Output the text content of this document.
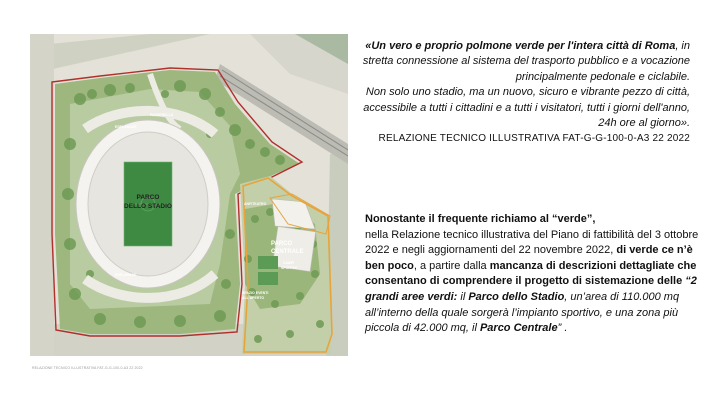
PARCO
DELLO STADIO
PARCO
CENTRALE
PASSERELLA
ESPLANADE
ESPLANADE
ANFITEATRO
CAMPI
SPORTIVI
SPAZIO EVENTI
ALL'APERTO
RELAZIONE TECNICO ILLUSTRATIVA FAT-G-G-100-0-A3 22 2022
«Un vero e proprio polmone verde per l'intera città di Roma, in stretta connessione al sistema del trasporto pubblico e a vocazione principalmente pedonale e ciclabile.
Non solo uno stadio, ma un nuovo, sicuro e vibrante pezzo di città, accessibile a tutti i cittadini e a tutti i visitatori, tutti i giorni dell'anno, 24h ore al giorno».
RELAZIONE TECNICO ILLUSTRATIVA FAT-G-G-100-0-A3 22 2022
Nonostante il frequente richiamo al “verde”,
nella Relazione tecnico illustrativa del Piano di fattibilità del 3 ottobre 2022 e negli aggiornamenti del 22 novembre 2022, di verde ce n’è ben poco, a partire dalla mancanza di descrizioni dettagliate che consentano di comprendere il progetto di sistemazione delle “2 grandi aree verdi: il Parco dello Stadio, un’area di 110.000 mq all’interno della quale sorgerà l’impianto sportivo, e una zona più piccola di 42.000 mq, il Parco Centrale” .
